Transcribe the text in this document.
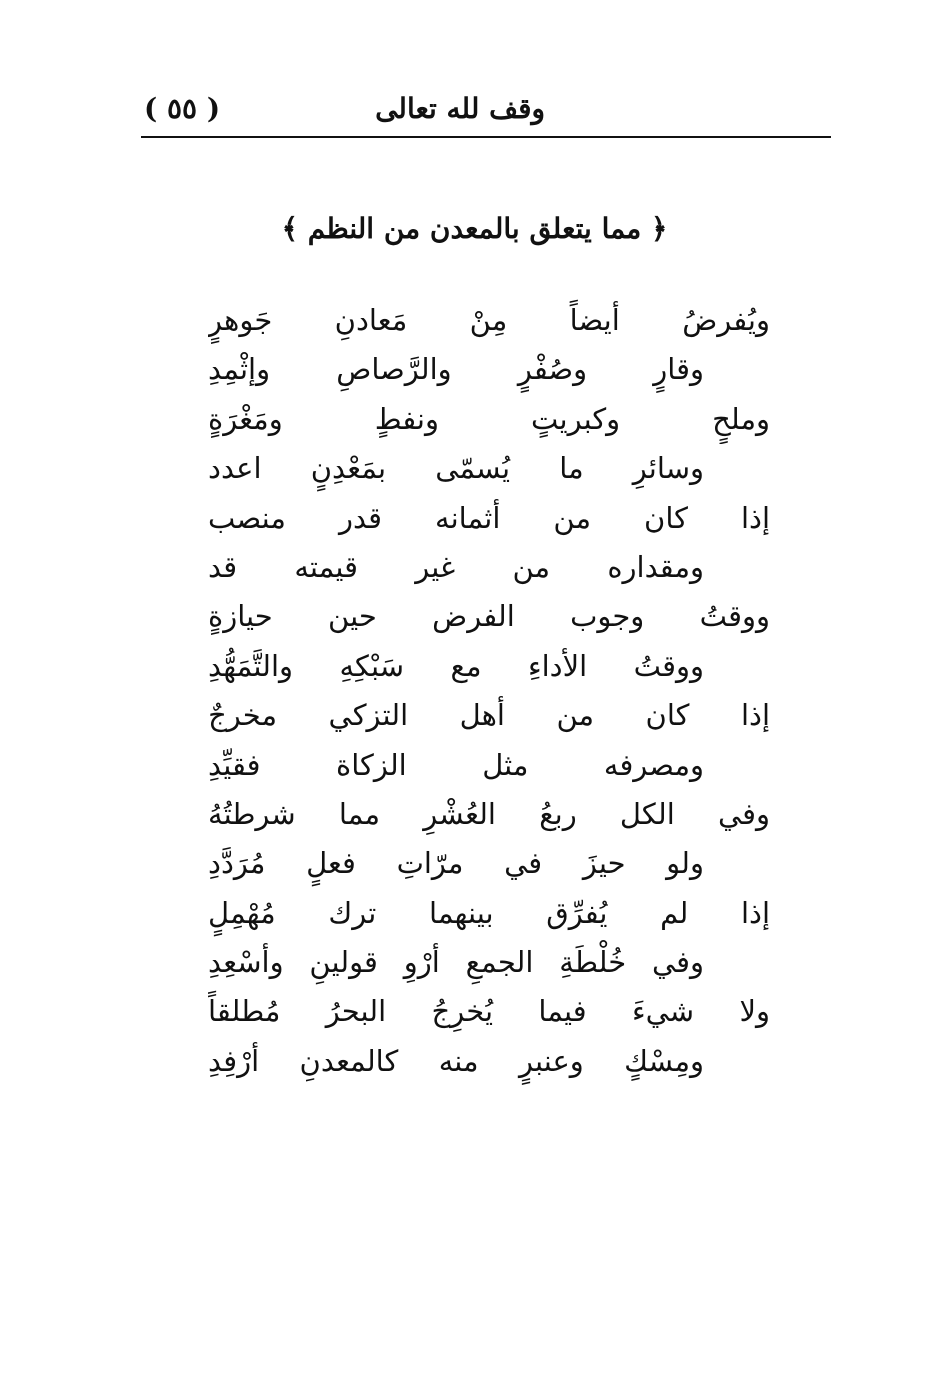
وقف لله تعالى
( ٥٥ )
﴿ مما يتعلق بالمعدن من النظم ﴾
ويُفرضُ
أيضاً
مِنْ
مَعادنِ
جَوهرٍ
وقارٍ
وصُفْرٍ
والرَّصاصِ
وإثْمِدِ
وملحٍ
وكبريتٍ
ونفطٍ
ومَغْرَةٍ
وسائرِ
ما
يُسمّى
بمَعْدِنٍ
اعدد
إذا
كان
من
أثمانه
قدر
منصب
ومقداره
من
غير
قيمته
قد
ووقتُ
وجوب
الفرض
حين
حيازةٍ
ووقتُ
الأداءِ
مع
سَبْكِهِ
والتَّمَهُّدِ
إذا
كان
من
أهل
التزكي
مخرجٌ
ومصرفه
مثل
الزكاة
فقيِّدِ
وفي
الكل
ربعُ
العُشْرِ
مما
شرطتُهُ
ولو
حيزَ
في
مرّاتِ
فعلٍ
مُرَدَّدِ
إذا
لم
يُفرِّق
بينهما
ترك
مُهْمِلٍ
وفي
خُلْطَةِ
الجمعِ
أرْوِ
قولينِ
وأسْعِدِ
ولا
شيءَ
فيما
يُخرِجُ
البحرُ
مُطلقاً
ومِسْكٍ
وعنبرٍ
منه
كالمعدنِ
أرْفِدِ
